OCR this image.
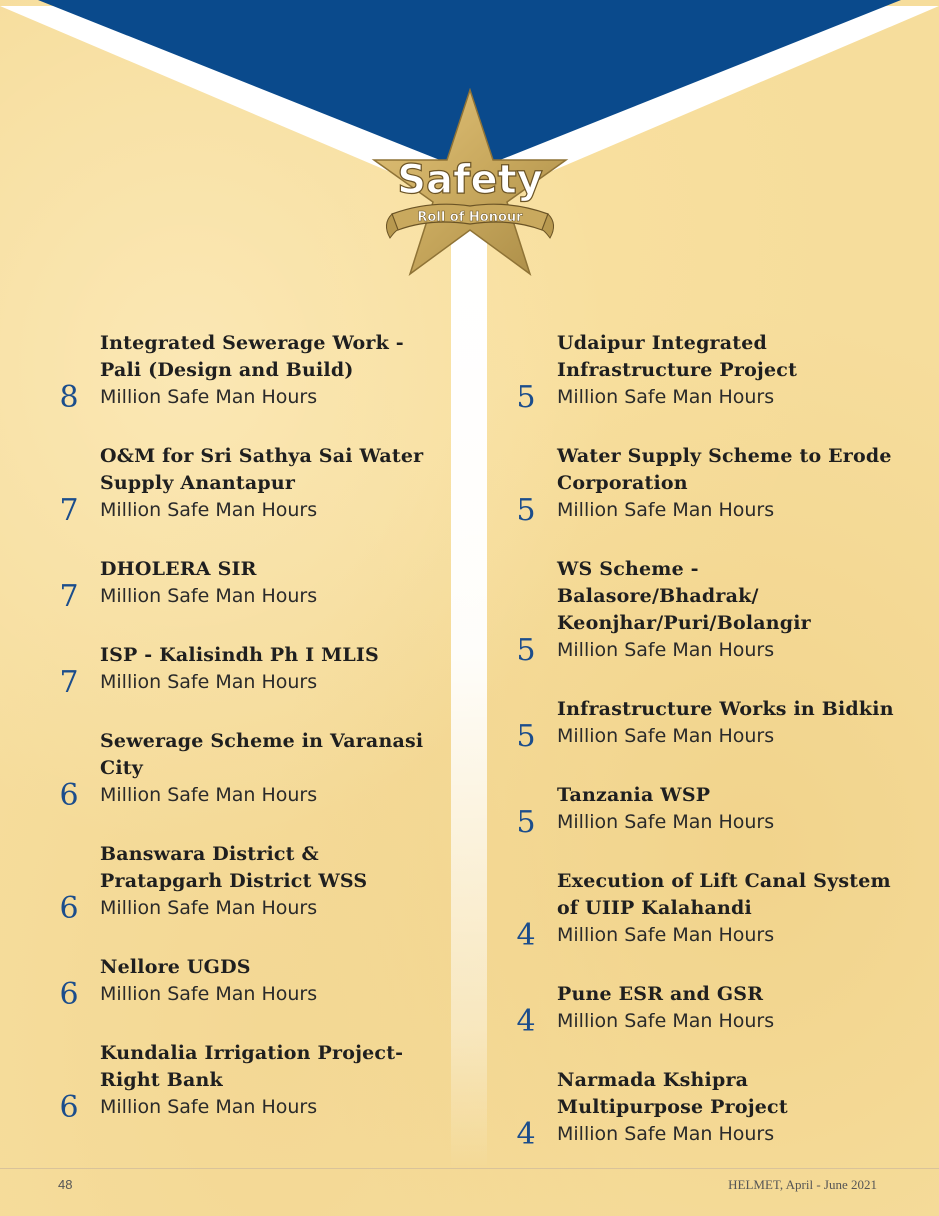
Safety
Roll of Honour
8
Integrated Sewerage Work - Pali (Design and Build)
Million Safe Man Hours
7
O&M for Sri Sathya Sai Water Supply Anantapur
Million Safe Man Hours
7
DHOLERA SIR
Million Safe Man Hours
7
ISP - Kalisindh Ph I MLIS
Million Safe Man Hours
6
Sewerage Scheme in Varanasi City
Million Safe Man Hours
6
Banswara District & Pratapgarh District WSS
Million Safe Man Hours
6
Nellore UGDS
Million Safe Man Hours
6
Kundalia Irrigation Project-Right Bank
Million Safe Man Hours
5
Udaipur Integrated Infrastructure Project
Million Safe Man Hours
5
Water Supply Scheme to Erode Corporation
Million Safe Man Hours
5
WS Scheme - Balasore/Bhadrak/ Keonjhar/Puri/Bolangir
Million Safe Man Hours
5
Infrastructure Works in Bidkin
Million Safe Man Hours
5
Tanzania WSP
Million Safe Man Hours
4
Execution of Lift Canal System of UIIP Kalahandi
Million Safe Man Hours
4
Pune ESR and GSR
Million Safe Man Hours
4
Narmada Kshipra Multipurpose Project
Million Safe Man Hours
48	HELMET, April - June 2021
